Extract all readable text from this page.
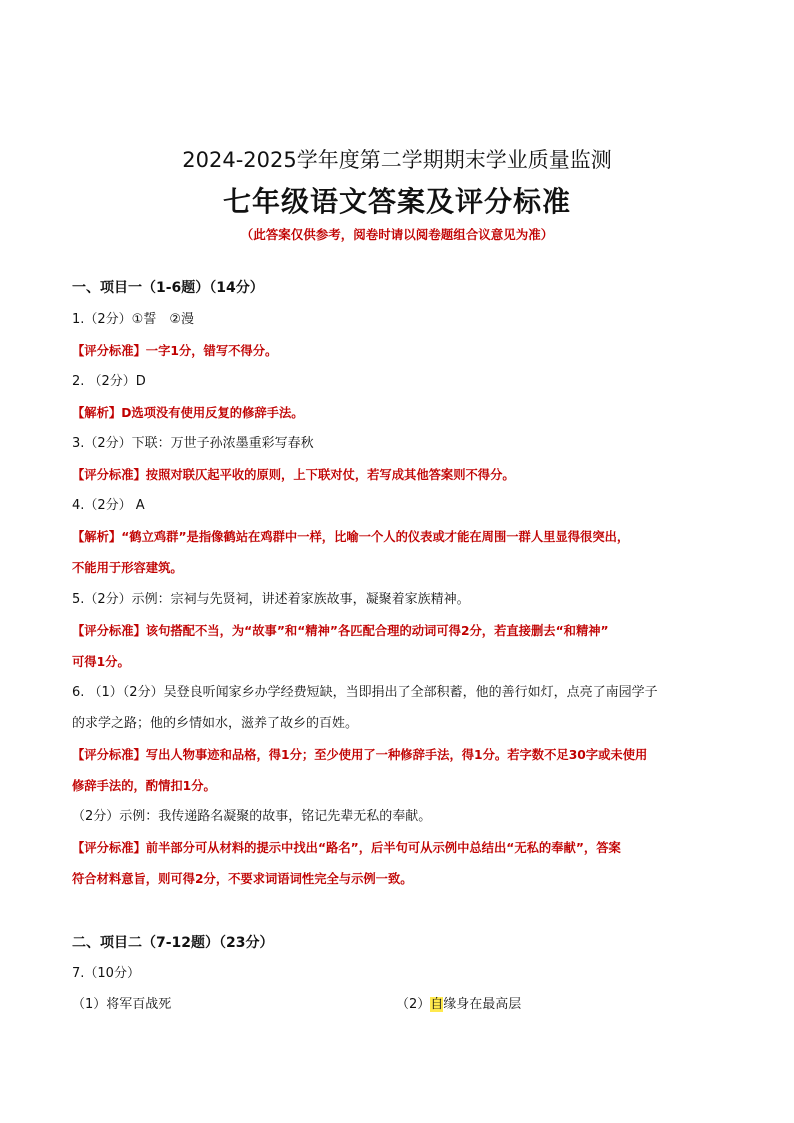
2024-2025学年度第二学期期末学业质量监测
七年级语文答案及评分标准
（此答案仅供参考，阅卷时请以阅卷题组合议意见为准）
一、项目一（1-6题）（14分）
1.（2分）①誓　②漫
【评分标准】一字1分，错写不得分。
2. （2分）D
【解析】D选项没有使用反复的修辞手法。
3.（2分）下联：万世子孙浓墨重彩写春秋
【评分标准】按照对联仄起平收的原则，上下联对仗，若写成其他答案则不得分。
4.（2分） A
【解析】“鹤立鸡群”是指像鹤站在鸡群中一样，比喻一个人的仪表或才能在周围一群人里显得很突出，
不能用于形容建筑。
5.（2分）示例：宗祠与先贤祠，讲述着家族故事，凝聚着家族精神。
【评分标准】该句搭配不当，为“故事”和“精神”各匹配合理的动词可得2分，若直接删去“和精神”
可得1分。
6. （1）（2分）吴登良听闻家乡办学经费短缺，当即捐出了全部积蓄，他的善行如灯，点亮了南园学子
的求学之路；他的乡情如水，滋养了故乡的百姓。
【评分标准】写出人物事迹和品格，得1分；至少使用了一种修辞手法，得1分。若字数不足30字或未使用
修辞手法的，酌情扣1分。
（2分）示例：我传递路名凝聚的故事，铭记先辈无私的奉献。
【评分标准】前半部分可从材料的提示中找出“路名”，后半句可从示例中总结出“无私的奉献”，答案
符合材料意旨，则可得2分，不要求词语词性完全与示例一致。
二、项目二（7-12题）（23分）
7.（10分）
（1）将军百战死	（2）自缘身在最高层
